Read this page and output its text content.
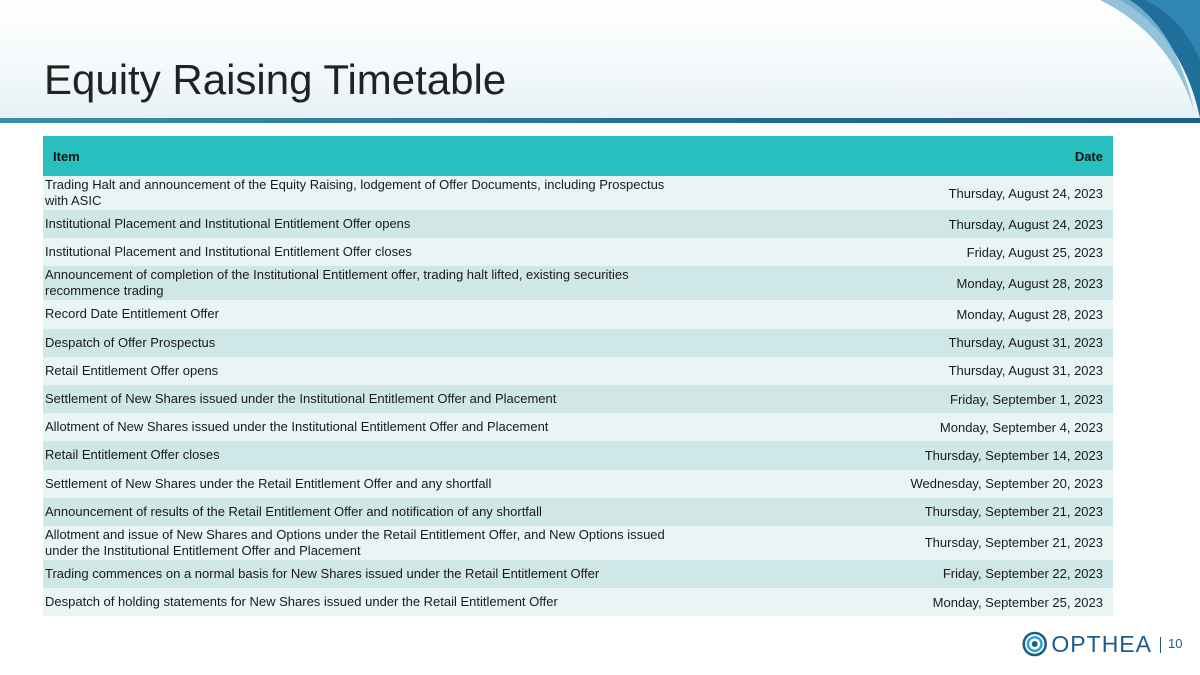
Equity Raising Timetable
Item	Date
Trading Halt and announcement of the Equity Raising, lodgement of Offer Documents, including Prospectus with ASIC	Thursday, August 24, 2023
Institutional Placement and Institutional Entitlement Offer opens	Thursday, August 24, 2023
Institutional Placement and Institutional Entitlement Offer closes	Friday, August 25, 2023
Announcement of completion of the Institutional Entitlement offer, trading halt lifted, existing securities recommence trading	Monday, August 28, 2023
Record Date Entitlement Offer	Monday, August 28, 2023
Despatch of Offer Prospectus	Thursday, August 31, 2023
Retail Entitlement Offer opens	Thursday, August 31, 2023
Settlement of New Shares issued under the Institutional Entitlement Offer and Placement	Friday, September 1, 2023
Allotment of New Shares issued under the Institutional Entitlement Offer and Placement	Monday, September 4, 2023
Retail Entitlement Offer closes	Thursday, September 14, 2023
Settlement of New Shares under the Retail Entitlement Offer and any shortfall	Wednesday, September 20, 2023
Announcement of results of the Retail Entitlement Offer and notification of any shortfall	Thursday, September 21, 2023
Allotment and issue of New Shares and Options under the Retail Entitlement Offer, and New Options issued under the Institutional Entitlement Offer and Placement	Thursday, September 21, 2023
Trading commences on a normal basis for New Shares issued under the Retail Entitlement Offer	Friday, September 22, 2023
Despatch of holding statements for New Shares issued under the Retail Entitlement Offer	Monday, September 25, 2023
OPTHEA 10
